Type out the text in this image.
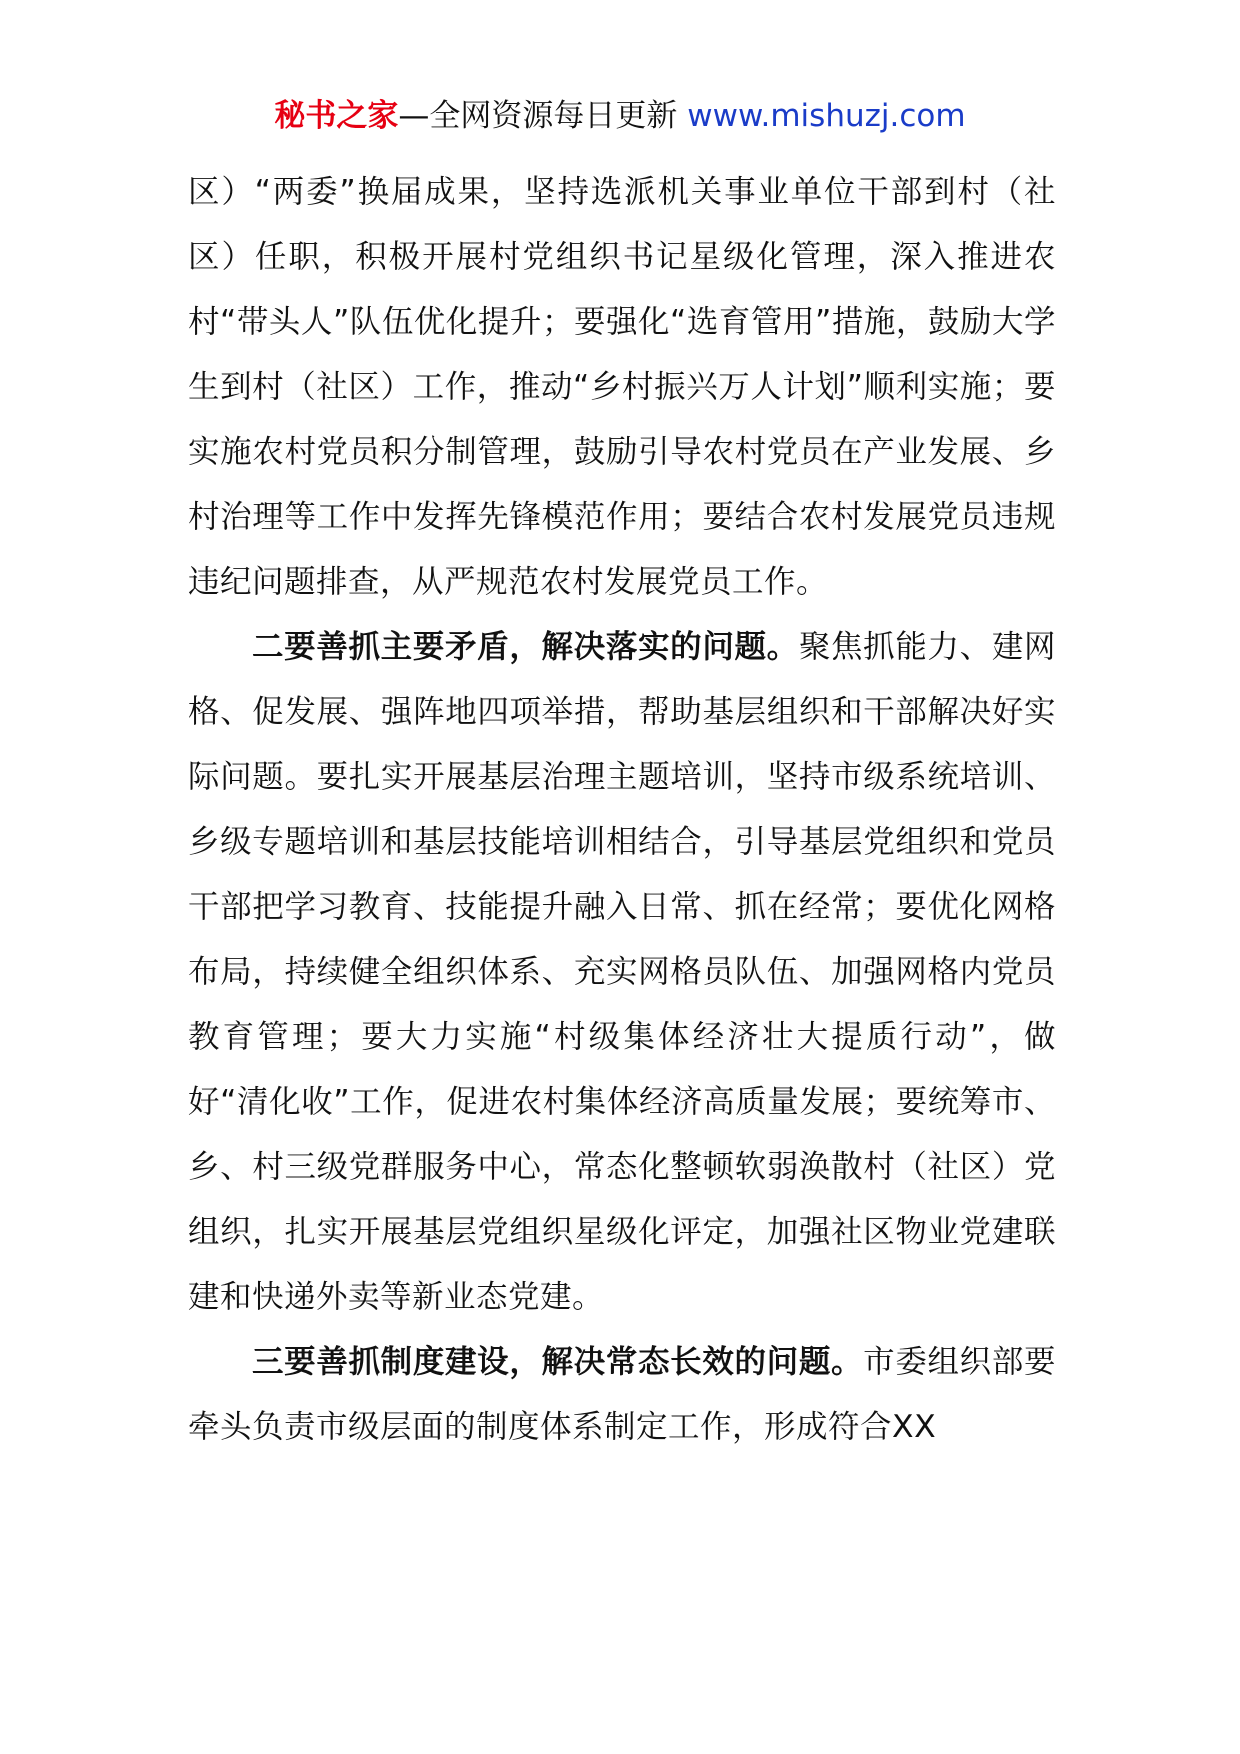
秘书之家—全网资源每日更新 www.mishuzj.com

区）“两委”换届成果，坚持选派机关事业单位干部到村（社区）任职，积极开展村党组织书记星级化管理，深入推进农村“带头人”队伍优化提升；要强化“选育管用”措施，鼓励大学生到村（社区）工作，推动“乡村振兴万人计划”顺利实施；要实施农村党员积分制管理，鼓励引导农村党员在产业发展、乡村治理等工作中发挥先锋模范作用；要结合农村发展党员违规违纪问题排查，从严规范农村发展党员工作。

二要善抓主要矛盾，解决落实的问题。聚焦抓能力、建网格、促发展、强阵地四项举措，帮助基层组织和干部解决好实际问题。要扎实开展基层治理主题培训，坚持市级系统培训、乡级专题培训和基层技能培训相结合，引导基层党组织和党员干部把学习教育、技能提升融入日常、抓在经常；要优化网格布局，持续健全组织体系、充实网格员队伍、加强网格内党员教育管理；要大力实施“村级集体经济壮大提质行动”，做好“清化收”工作，促进农村集体经济高质量发展；要统筹市、乡、村三级党群服务中心，常态化整顿软弱涣散村（社区）党组织，扎实开展基层党组织星级化评定，加强社区物业党建联建和快递外卖等新业态党建。

三要善抓制度建设，解决常态长效的问题。市委组织部要牵头负责市级层面的制度体系制定工作，形成符合XX
